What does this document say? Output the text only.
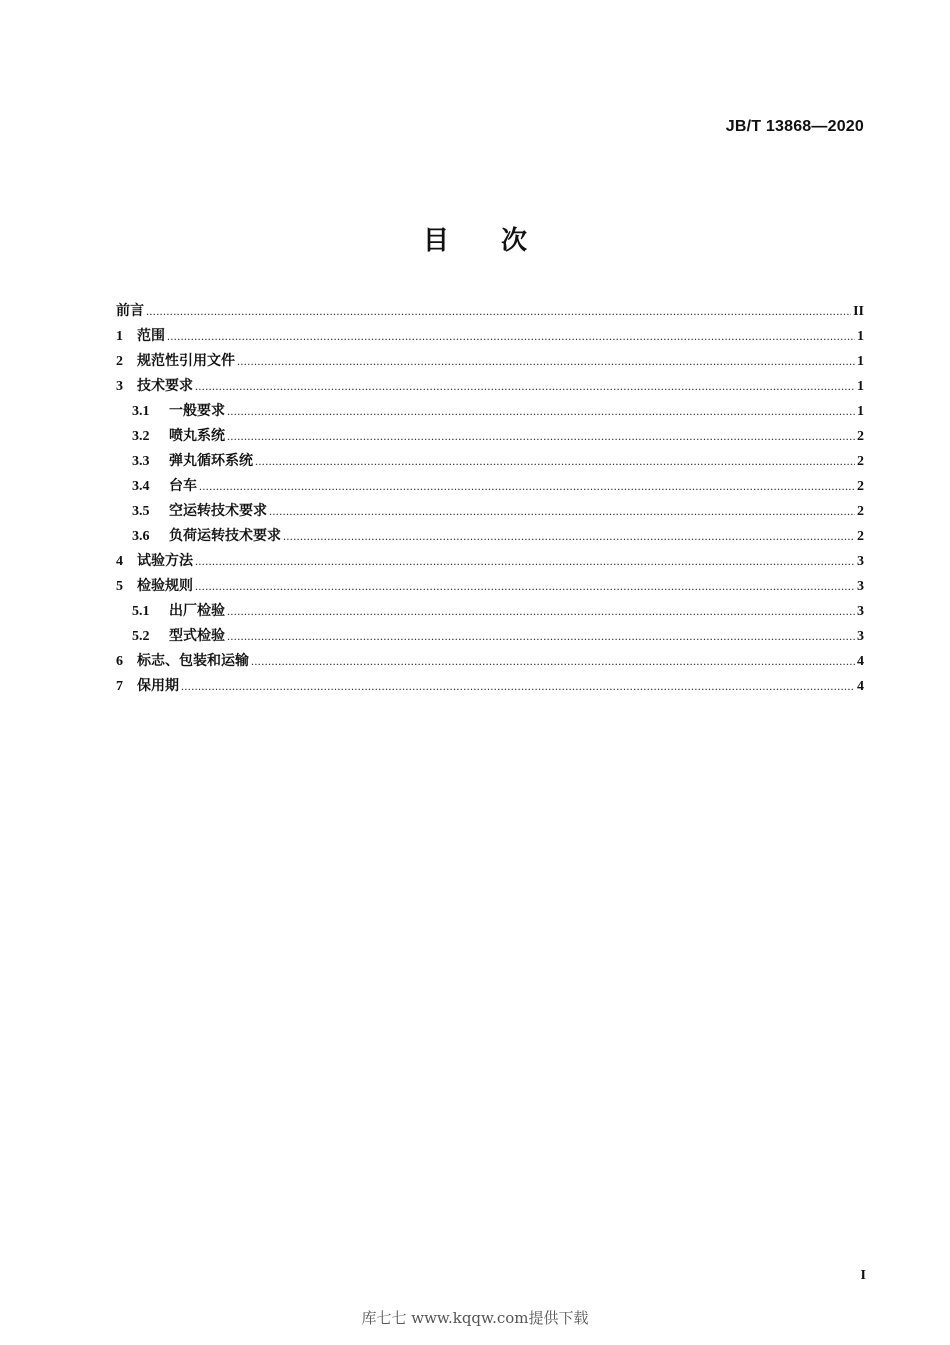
JB/T 13868—2020
目 次
前言 .....	II
1	范围 .....	1
2	规范性引用文件 .....	1
3	技术要求 .....	1
3.1	一般要求 .....	1
3.2	喷丸系统 .....	2
3.3	弹丸循环系统 .....	2
3.4	台车 .....	2
3.5	空运转技术要求 .....	2
3.6	负荷运转技术要求 .....	2
4	试验方法 .....	3
5	检验规则 .....	3
5.1	出厂检验 .....	3
5.2	型式检验 .....	3
6	标志、包装和运输 .....	4
7	保用期 .....	4
I
库七七 www.kqqw.com提供下载
